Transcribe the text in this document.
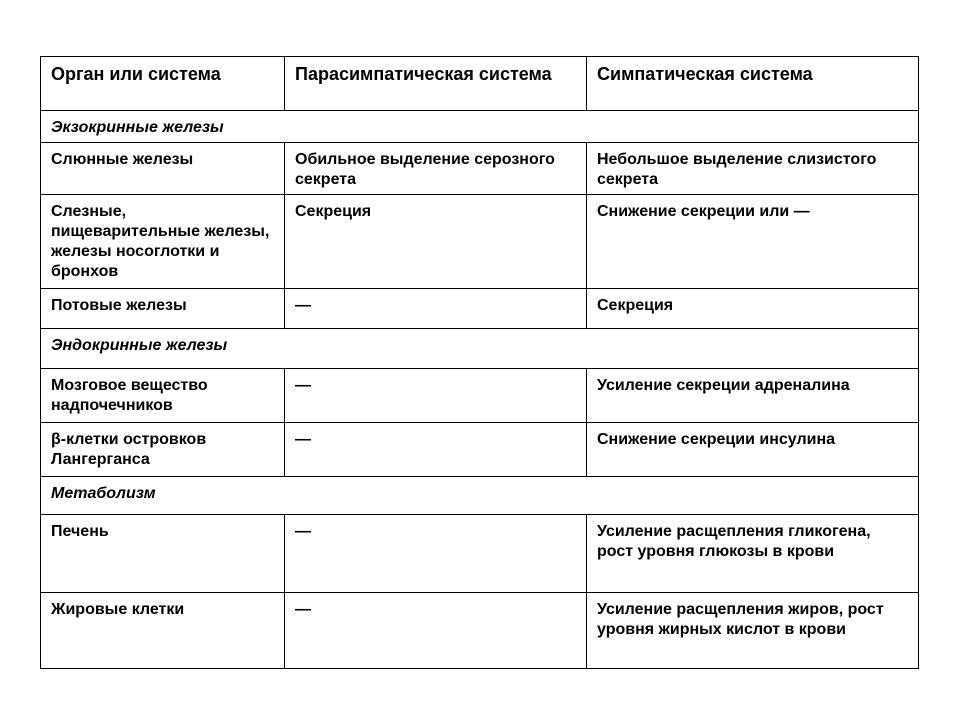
Орган или система	Парасимпатическая система	Симпатическая система
Экзокринные железы		
Слюнные железы	Обильное выделение серозного секрета	Небольшое выделение слизистого секрета
Слезные, пищеварительные железы, железы носоглотки и бронхов	Секреция	Снижение секреции или —
Потовые железы	—	Секреция
Эндокринные железы		
Мозговое вещество надпочечников	—	Усиление секреции адреналина
β-клетки островков Лангерганса	—	Снижение секреции инсулина
Метаболизм		
Печень	—	Усиление расщепления гликогена, рост уровня глюкозы в крови
Жировые клетки	—	Усиление расщепления жиров, рост уровня жирных кислот в крови
